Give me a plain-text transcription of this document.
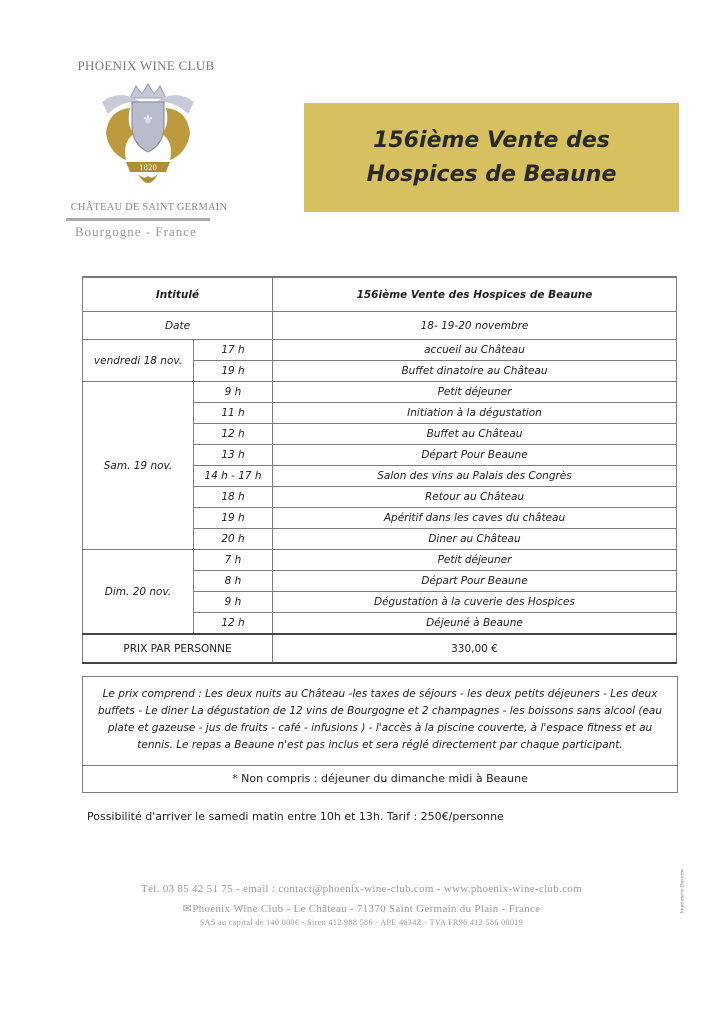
PHOENIX WINE CLUB
⚜
1820
CHÂTEAU DE SAINT GERMAIN
Bourgogne - France
156ième Vente des
Hospices de Beaune
Intitulé		156ième Vente des Hospices de Beaune
Date		18- 19-20 novembre
vendredi 18 nov.	17 h	accueil au Château
	19 h	Buffet dinatoire au Château
Sam. 19 nov.	9 h	Petit déjeuner
	11 h	Initiation à la dégustation
	12 h	Buffet au Château
	13 h	Départ Pour Beaune
	14 h - 17 h	Salon des vins au Palais des Congrès
	18 h	Retour au Château
	19 h	Apéritif dans les caves du château
	20 h	Diner au Château
Dim. 20 nov.	7 h	Petit déjeuner
	8 h	Départ Pour Beaune
	9 h	Dégustation à la cuverie des Hospices
	12 h	Déjeuné à Beaune
PRIX PAR PERSONNE		330,00 €

Le prix comprend : Les deux nuits au Château -les taxes de séjours - les deux petits déjeuners - Les deux buffets - Le diner La dégustation de 12 vins de Bourgogne et 2 champagnes - les boissons sans alcool (eau plate et gazeuse - jus de fruits - café - infusions ) - l'accès à la piscine couverte, à l'espace fitness et au tennis. Le repas a Beaune n'est pas inclus et sera réglé directement par chaque participant.

* Non compris : déjeuner du dimanche midi à Beaune
Possibilité d'arriver le samedi matin entre 10h et 13h. Tarif : 250€/personne
Tél. 03 85 42 51 75 - email : contact@phoenix-wine-club.com - www.phoenix-wine-club.com
✉Phoenix Wine Club - Le Château - 71370 Saint Germain du Plain - France
SAS au capital de 140 000€ - Siren 412 988 586 - APE 4634Z - TVA FR96 412 586 00019
Imprimerie Duverne
